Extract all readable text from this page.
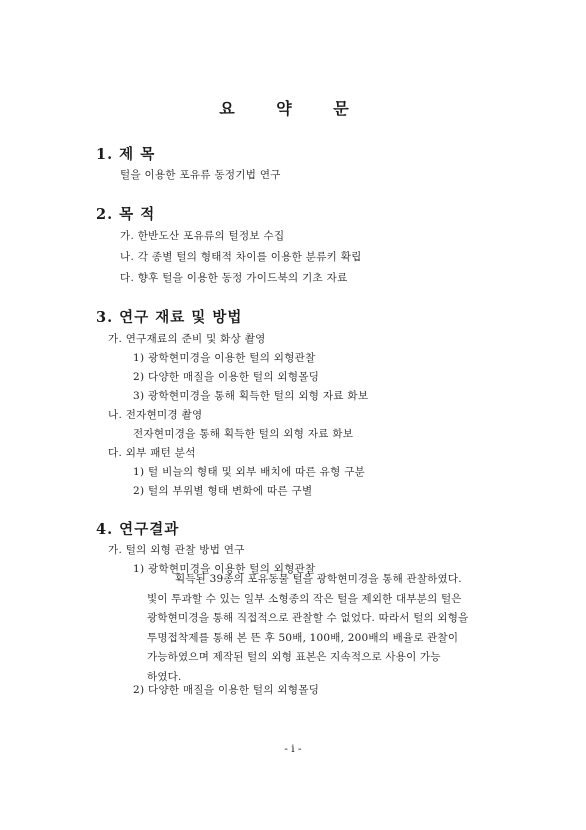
요 약 문
1. 제 목
털을 이용한 포유류 동정기법 연구
2. 목 적
가. 한반도산 포유류의 털정보 수집
나. 각 종별 털의 형태적 차이를 이용한 분류키 확립
다. 향후 털을 이용한 동정 가이드북의 기초 자료
3. 연구 재료 및 방법
가. 연구재료의 준비 및 화상 촬영
1) 광학현미경을 이용한 털의 외형관찰
2) 다양한 매질을 이용한 털의 외형몰딩
3) 광학현미경을 통해 획득한 털의 외형 자료 화보
나. 전자현미경 촬영
전자현미경을 통해 획득한 털의 외형 자료 화보
다. 외부 패턴 분석
1) 털 비늘의 형태 및 외부 배치에 따른 유형 구분
2) 털의 부위별 형태 변화에 따른 구별
4. 연구결과
가. 털의 외형 관찰 방법 연구
1) 광학현미경을 이용한 털의 외형관찰
획득된 39종의 포유동물 털을 광학현미경을 통해 관찰하였다.
빛이 투과할 수 있는 일부 소형종의 작은 털을 제외한 대부분의 털은
광학현미경을 통해 직접적으로 관찰할 수 없었다. 따라서 털의 외형을
투명접착제를 통해 본 뜬 후 50배, 100배, 200배의 배율로 관찰이
가능하였으며 제작된 털의 외형 표본은 지속적으로 사용이 가능
하였다.
2) 다양한 매질을 이용한 털의 외형몰딩
- i -
